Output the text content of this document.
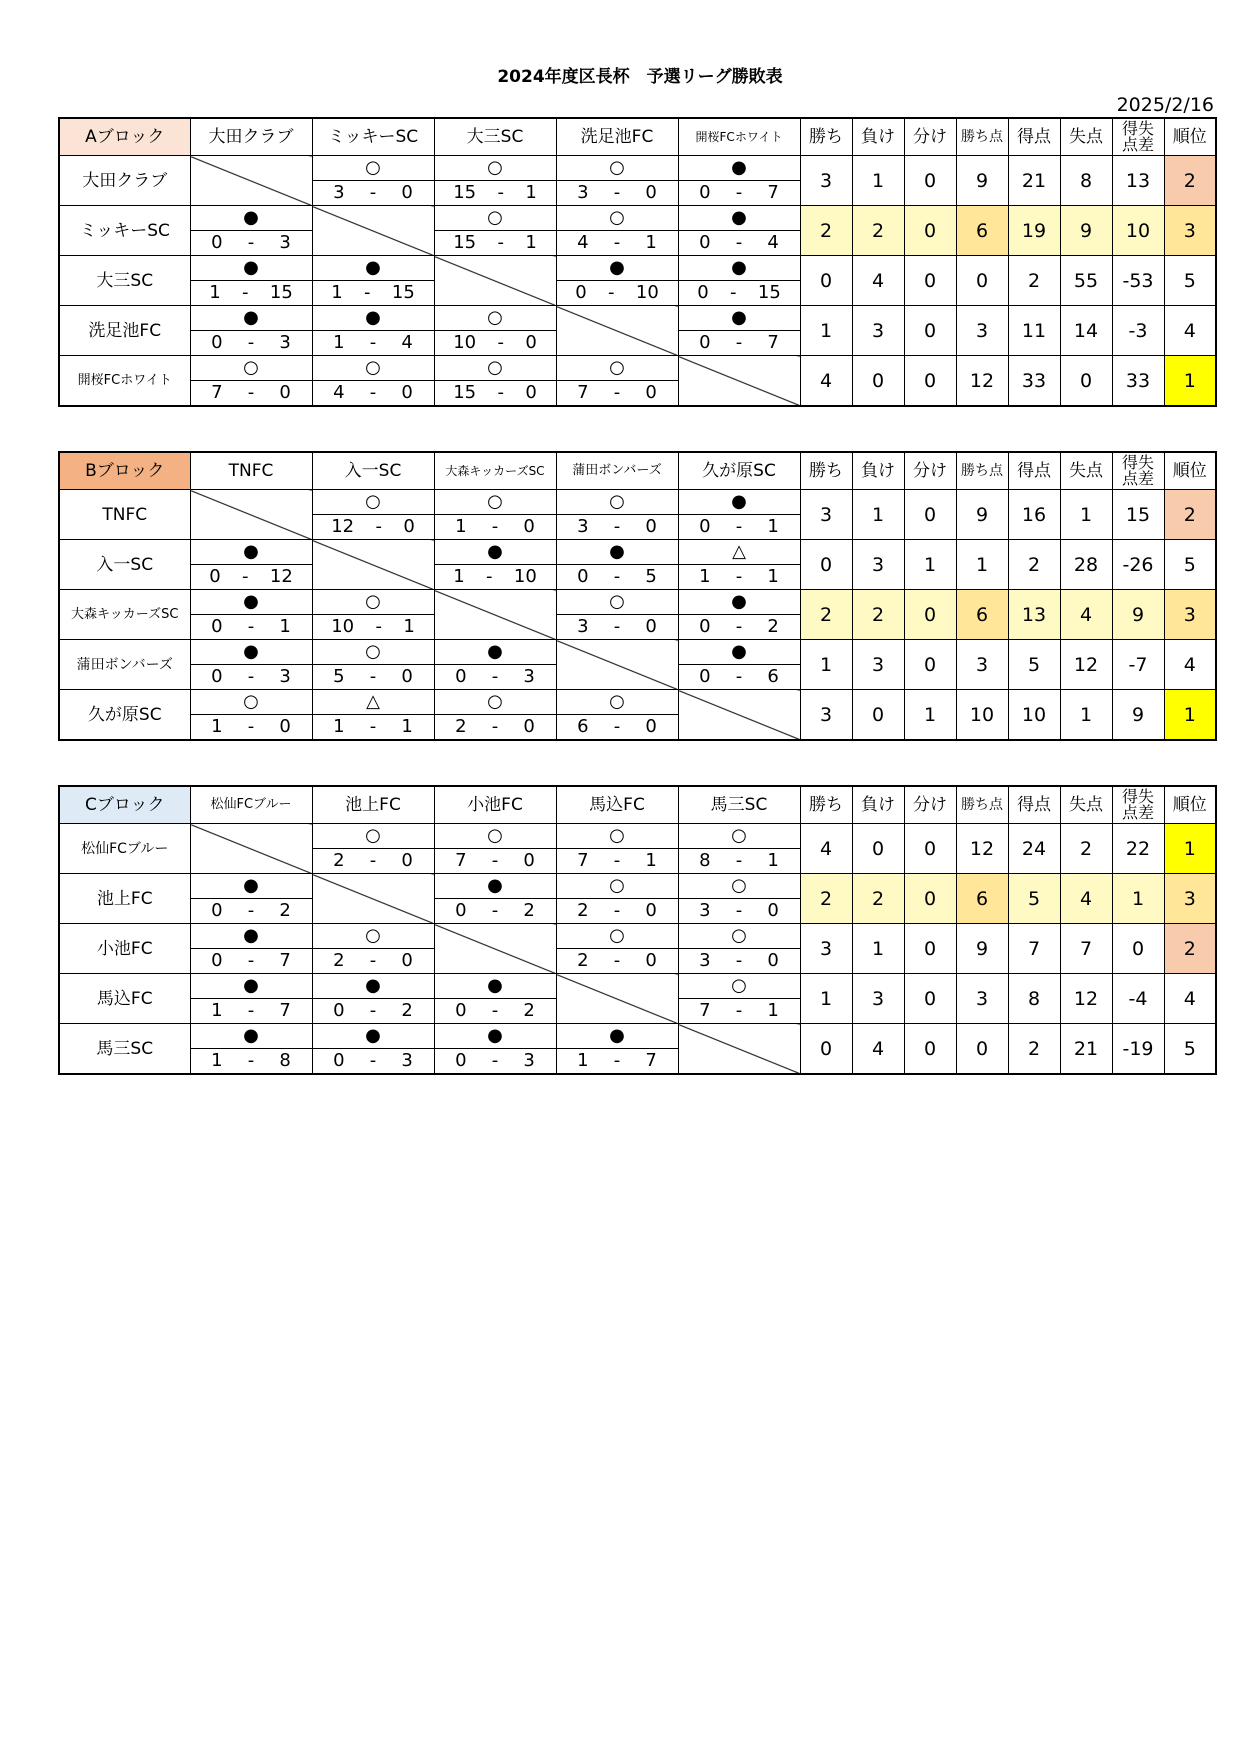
2024年度区長杯　予選リーグ勝敗表
2025/2/16
Aブロック	大田クラブ	ミッキーSC	大三SC	洗足池FC	開桜FCホワイト	勝ち	負け	分け	勝ち点	得点	失点	得失点差	順位
大田クラブ		○	○	○	●	3	1	0	9	21	8	13	2

		3 - 0	15 - 1	3 - 0	0 - 7								

ミッキーSC	●		○	○	●	2	2	0	6	19	9	10	3

	0 - 3		15 - 1	4 - 1	0 - 4								

大三SC	●	●		●	●	0	4	0	0	2	55	-53	5

	1 - 15	1 - 15		0 - 10	0 - 15								

洗足池FC	●	●	○		●	1	3	0	3	11	14	-3	4

	0 - 3	1 - 4	10 - 0		0 - 7								

開桜FCホワイト	○	○	○	○		4	0	0	12	33	0	33	1

	7 - 0	4 - 0	15 - 0	7 - 0									
Bブロック	TNFC	入一SC	大森キッカーズSC	蒲田ボンバーズ	久が原SC	勝ち	負け	分け	勝ち点	得点	失点	得失点差	順位
TNFC		○	○	○	●	3	1	0	9	16	1	15	2

		12 - 0	1 - 0	3 - 0	0 - 1								

入一SC	●		●	●	△	0	3	1	1	2	28	-26	5

	0 - 12		1 - 10	0 - 5	1 - 1								

大森キッカーズSC	●	○		○	●	2	2	0	6	13	4	9	3

	0 - 1	10 - 1		3 - 0	0 - 2								

蒲田ボンバーズ	●	○	●		●	1	3	0	3	5	12	-7	4

	0 - 3	5 - 0	0 - 3		0 - 6								

久が原SC	○	△	○	○		3	0	1	10	10	1	9	1

	1 - 0	1 - 1	2 - 0	6 - 0									
Cブロック	松仙FCブルー	池上FC	小池FC	馬込FC	馬三SC	勝ち	負け	分け	勝ち点	得点	失点	得失点差	順位
松仙FCブルー		○	○	○	○	4	0	0	12	24	2	22	1

		2 - 0	7 - 0	7 - 1	8 - 1								

池上FC	●		●	○	○	2	2	0	6	5	4	1	3

	0 - 2		0 - 2	2 - 0	3 - 0								

小池FC	●	○		○	○	3	1	0	9	7	7	0	2

	0 - 7	2 - 0		2 - 0	3 - 0								

馬込FC	●	●	●		○	1	3	0	3	8	12	-4	4

	1 - 7	0 - 2	0 - 2		7 - 1								

馬三SC	●	●	●	●		0	4	0	0	2	21	-19	5

	1 - 8	0 - 3	0 - 3	1 - 7									
